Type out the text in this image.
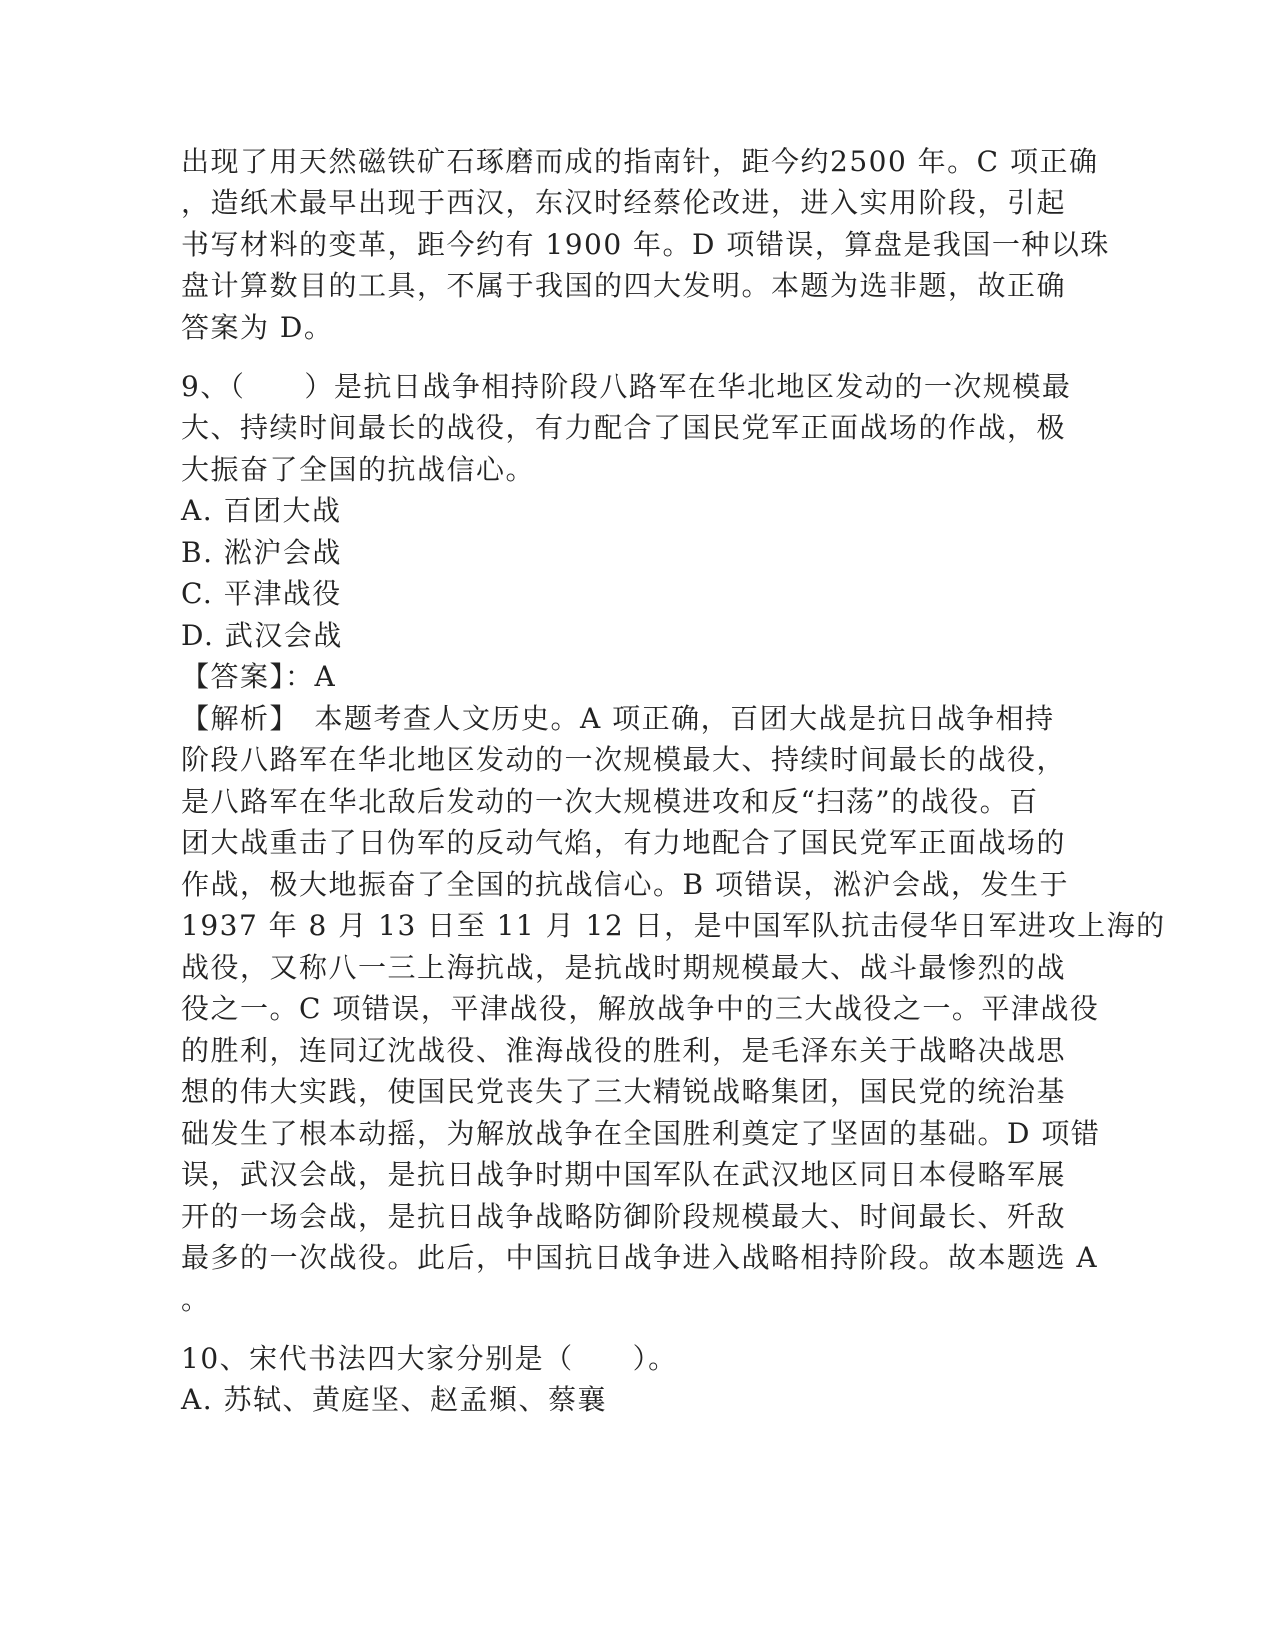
出现了用天然磁铁矿石琢磨而成的指南针，距今约2500 年。C 项正确
，造纸术最早出现于西汉，东汉时经蔡伦改进，进入实用阶段，引起
书写材料的变革，距今约有 1900 年。D 项错误，算盘是我国一种以珠
盘计算数目的工具，不属于我国的四大发明。本题为选非题，故正确
答案为 D。
9、（　　）是抗日战争相持阶段八路军在华北地区发动的一次规模最
大、持续时间最长的战役，有力配合了国民党军正面战场的作战，极
大振奋了全国的抗战信心。
A. 百团大战
B. 淞沪会战
C. 平津战役
D. 武汉会战
【答案】：A
【解析】　本题考查人文历史。A 项正确，百团大战是抗日战争相持
阶段八路军在华北地区发动的一次规模最大、持续时间最长的战役，
是八路军在华北敌后发动的一次大规模进攻和反“扫荡”的战役。百
团大战重击了日伪军的反动气焰，有力地配合了国民党军正面战场的
作战，极大地振奋了全国的抗战信心。B 项错误，淞沪会战，发生于
1937 年 8 月 13 日至 11 月 12 日，是中国军队抗击侵华日军进攻上海的
战役，又称八一三上海抗战，是抗战时期规模最大、战斗最惨烈的战
役之一。C 项错误，平津战役，解放战争中的三大战役之一。平津战役
的胜利，连同辽沈战役、淮海战役的胜利，是毛泽东关于战略决战思
想的伟大实践，使国民党丧失了三大精锐战略集团，国民党的统治基
础发生了根本动摇，为解放战争在全国胜利奠定了坚固的基础。D 项错
误，武汉会战，是抗日战争时期中国军队在武汉地区同日本侵略军展
开的一场会战，是抗日战争战略防御阶段规模最大、时间最长、歼敌
最多的一次战役。此后，中国抗日战争进入战略相持阶段。故本题选 A
。
10、宋代书法四大家分别是（　　）。
A. 苏轼、黄庭坚、赵孟頫、蔡襄
